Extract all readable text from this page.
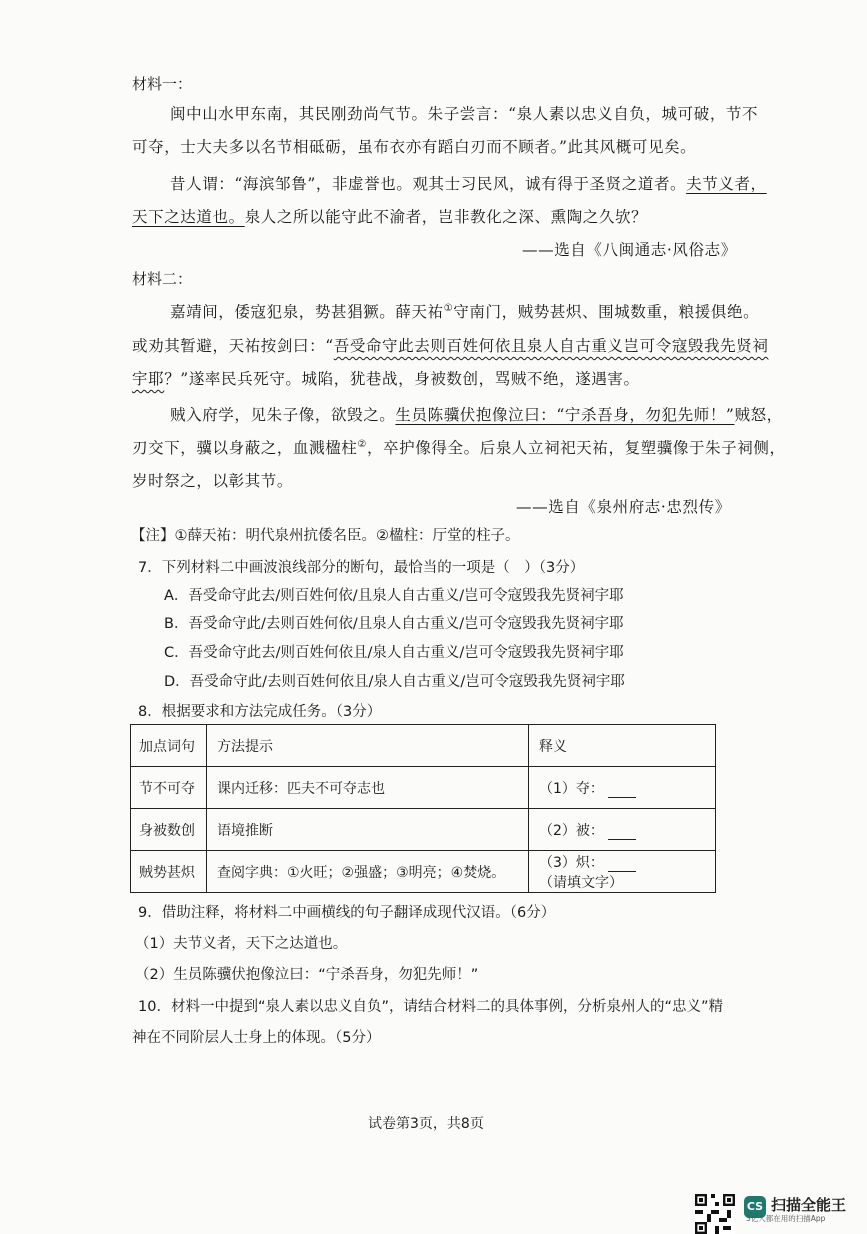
材料一：
闽中山水甲东南，其民刚劲尚气节。朱子尝言：“泉人素以忠义自负，城可破，节不
可夺，士大夫多以名节相砥砺，虽布衣亦有蹈白刃而不顾者。”此其风概可见矣。
昔人谓：“海滨邹鲁”，非虚誉也。观其士习民风，诚有得于圣贤之道者。夫节义者，
天下之达道也。泉人之所以能守此不渝者，岂非教化之深、熏陶之久欤？
——选自《八闽通志·风俗志》
材料二：
嘉靖间，倭寇犯泉，势甚猖獗。薛天祐①守南门，贼势甚炽、围城数重，粮援俱绝。
或劝其暂避，天祐按剑曰：“吾受命守此去则百姓何依且泉人自古重义岂可令寇毁我先贤祠
宇耶？”遂率民兵死守。城陷，犹巷战，身被数创，骂贼不绝，遂遇害。
贼入府学，见朱子像，欲毁之。生员陈骥伏抱像泣曰：“宁杀吾身，勿犯先师！”贼怒，
刃交下，骥以身蔽之，血溅楹柱②，卒护像得全。后泉人立祠祀天祐，复塑骥像于朱子祠侧，
岁时祭之，以彰其节。
——选自《泉州府志·忠烈传》
【注】①薛天祐：明代泉州抗倭名臣。②楹柱：厅堂的柱子。
7．下列材料二中画波浪线部分的断句，最恰当的一项是（　）（3分）
A．吾受命守此去/则百姓何依/且泉人自古重义/岂可令寇毁我先贤祠宇耶
B．吾受命守此/去则百姓何依/且泉人自古重义/岂可令寇毁我先贤祠宇耶
C．吾受命守此去/则百姓何依且/泉人自古重义/岂可令寇毁我先贤祠宇耶
D．吾受命守此/去则百姓何依且/泉人自古重义/岂可令寇毁我先贤祠宇耶
8．根据要求和方法完成任务。（3分）
加点词句	方法提示	释义
节不可夺	课内迁移：匹夫不可夺志也	（1）夺：
身被数创	语境推断	（2）被：
贼势甚炽	查阅字典：①火旺；②强盛；③明亮；④焚烧。	（3）炽：（请填文字）
9．借助注释，将材料二中画横线的句子翻译成现代汉语。（6分）
（1）夫节义者，天下之达道也。
（2）生员陈骥伏抱像泣曰：“宁杀吾身，勿犯先师！”
10．材料一中提到“泉人素以忠义自负”，请结合材料二的具体事例，分析泉州人的“忠义”精
神在不同阶层人士身上的体现。（5分）
试卷第3页，共8页
CS 扫描全能王
3亿人都在用的扫描App
